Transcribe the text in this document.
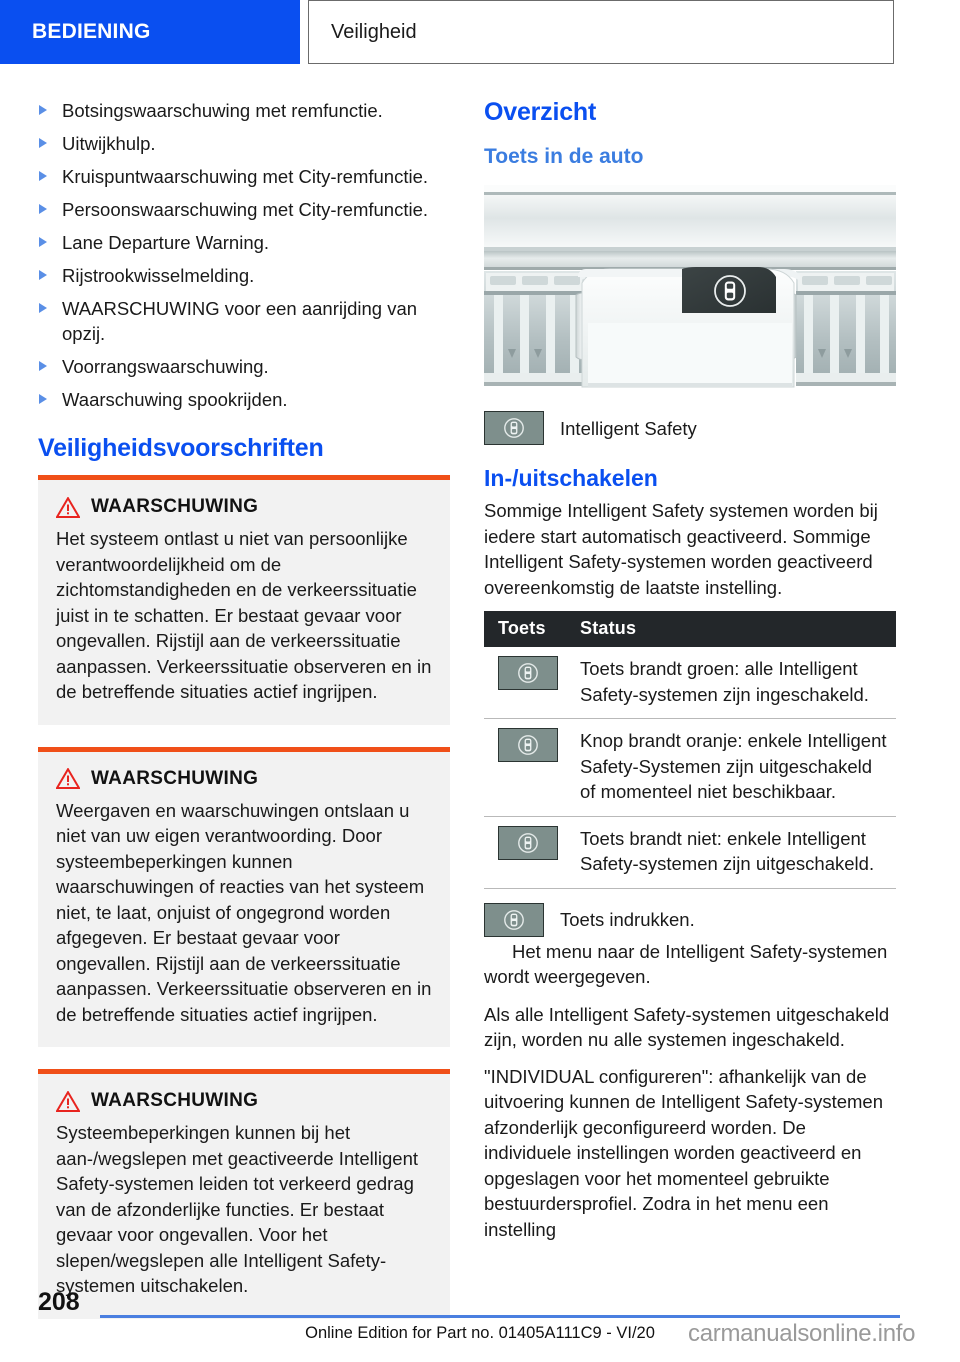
BEDIENING	Veiligheid
Botsingswaarschuwing met remfunctie.
Uitwijkhulp.
Kruispuntwaarschuwing met City-remfunctie.
Persoonswaarschuwing met City-remfunctie.
Lane Departure Warning.
Rijstrookwisselmelding.
WAARSCHUWING voor een aanrijding van opzij.
Voorrangswaarschuwing.
Waarschuwing spookrijden.
Veiligheidsvoorschriften
WAARSCHUWING

Het systeem ontlast u niet van persoonlijke verantwoordelijkheid om de zichtomstandigheden en de verkeerssituatie juist in te schatten. Er bestaat gevaar voor ongevallen. Rijstijl aan de verkeerssituatie aanpassen. Verkeerssituatie observeren en in de betreffende situaties actief ingrijpen.

WAARSCHUWING

Weergaven en waarschuwingen ontslaan u niet van uw eigen verantwoording. Door systeembeperkingen kunnen waarschuwingen of reacties van het systeem niet, te laat, onjuist of ongegrond worden afgegeven. Er bestaat gevaar voor ongevallen. Rijstijl aan de verkeerssituatie aanpassen. Verkeerssituatie observeren en in de betreffende situaties actief ingrijpen.

WAARSCHUWING

Systeembeperkingen kunnen bij het aan-/wegslepen met geactiveerde Intelligent Safety-systemen leiden tot verkeerd gedrag van de afzonderlijke functies. Er bestaat gevaar voor ongevallen. Voor het slepen/wegslepen alle Intelligent Safety-systemen uitschakelen.

Overzicht
Toets in de auto
Intelligent Safety
In-/uitschakelen

Sommige Intelligent Safety systemen worden bij iedere start automatisch geactiveerd. Sommige Intelligent Safety-systemen worden geactiveerd overeenkomstig de laatste instelling.

Toets	Status

	Toets brandt groen: alle Intelligent Safety-systemen zijn ingeschakeld.

	Knop brandt oranje: enkele Intelligent Safety-Systemen zijn uitgeschakeld of momenteel niet beschikbaar.

	Toets brandt niet: enkele Intelligent Safety-systemen zijn uitgeschakeld.
Toets indrukken.
Het menu naar de Intelligent Safety-systemen wordt weergegeven.

Als alle Intelligent Safety-systemen uitgeschakeld zijn, worden nu alle systemen ingeschakeld.

"INDIVIDUAL configureren": afhankelijk van de uitvoering kunnen de Intelligent Safety-systemen afzonderlijk geconfigureerd worden. De individuele instellingen worden geactiveerd en opgeslagen voor het momenteel gebruikte bestuurdersprofiel. Zodra in het menu een instelling

208
Online Edition for Part no. 01405A111C9 - VI/20	carmanualsonline.info
